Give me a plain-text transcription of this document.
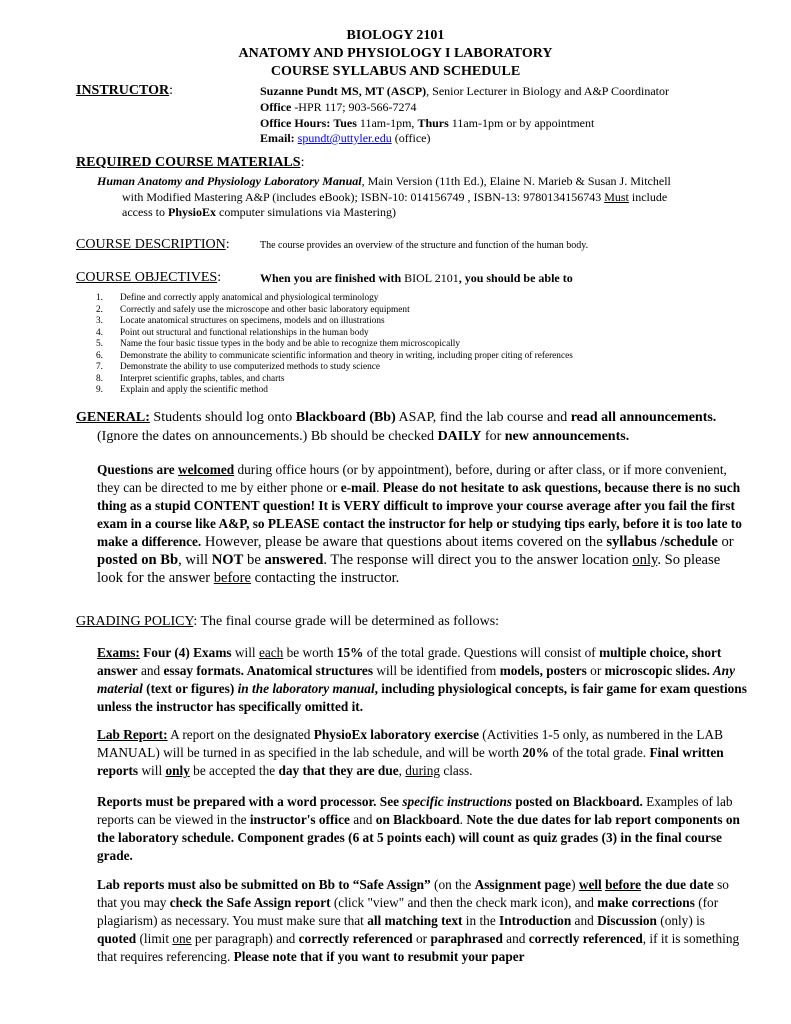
BIOLOGY 2101
ANATOMY AND PHYSIOLOGY I LABORATORY
COURSE SYLLABUS AND SCHEDULE
INSTRUCTOR:	Suzanne Pundt MS, MT (ASCP), Senior Lecturer in Biology and A&P Coordinator
Office -HPR 117; 903-566-7274
Office Hours: Tues 11am-1pm, Thurs 11am-1pm or by appointment
Email: spundt@uttyler.edu (office)
REQUIRED COURSE MATERIALS:
Human Anatomy and Physiology Laboratory Manual, Main Version (11th Ed.), Elaine N. Marieb & Susan J. Mitchell
with Modified Mastering A&P (includes eBook); ISBN-10: 014156749 , ISBN-13: 9780134156743 Must include
access to PhysioEx computer simulations via Mastering)
COURSE DESCRIPTION:	The course provides an overview of the structure and function of the human body.
COURSE OBJECTIVES:	When you are finished with BIOL 2101, you should be able to
1. Define and correctly apply anatomical and physiological terminology
2. Correctly and safely use the microscope and other basic laboratory equipment
3. Locate anatomical structures on specimens, models and on illustrations
4. Point out structural and functional relationships in the human body
5. Name the four basic tissue types in the body and be able to recognize them microscopically
6. Demonstrate the ability to communicate scientific information and theory in writing, including proper citing of references
7. Demonstrate the ability to use computerized methods to study science
8. Interpret scientific graphs, tables, and charts
9. Explain and apply the scientific method
GENERAL: Students should log onto Blackboard (Bb) ASAP, find the lab course and read all announcements.
(Ignore the dates on announcements.) Bb should be checked DAILY for new announcements.

Questions are welcomed during office hours (or by appointment), before, during or after class, or if more convenient, they can be directed to me by either phone or e-mail. Please do not hesitate to ask questions, because there is no such thing as a stupid CONTENT question! It is VERY difficult to improve your course average after you fail the first exam in a course like A&P, so PLEASE contact the instructor for help or studying tips early, before it is too late to make a difference. However, please be aware that questions about items covered on the syllabus /schedule or posted on Bb, will NOT be answered. The response will direct you to the answer location only. So please look for the answer before contacting the instructor.

GRADING POLICY: The final course grade will be determined as follows:

Exams: Four (4) Exams will each be worth 15% of the total grade. Questions will consist of multiple choice, short answer and essay formats. Anatomical structures will be identified from models, posters or microscopic slides. Any material (text or figures) in the laboratory manual, including physiological concepts, is fair game for exam questions unless the instructor has specifically omitted it.

Lab Report: A report on the designated PhysioEx laboratory exercise (Activities 1-5 only, as numbered in the LAB MANUAL) will be turned in as specified in the lab schedule, and will be worth 20% of the total grade. Final written reports will only be accepted the day that they are due, during class.

Reports must be prepared with a word processor. See specific instructions posted on Blackboard. Examples of lab reports can be viewed in the instructor's office and on Blackboard. Note the due dates for lab report components on the laboratory schedule. Component grades (6 at 5 points each) will count as quiz grades (3) in the final course grade.

Lab reports must also be submitted on Bb to “Safe Assign” (on the Assignment page) well before the due date so that you may check the Safe Assign report (click "view" and then the check mark icon), and make corrections (for plagiarism) as necessary. You must make sure that all matching text in the Introduction and Discussion (only) is quoted (limit one per paragraph) and correctly referenced or paraphrased and correctly referenced, if it is something that requires referencing. Please note that if you want to resubmit your paper
